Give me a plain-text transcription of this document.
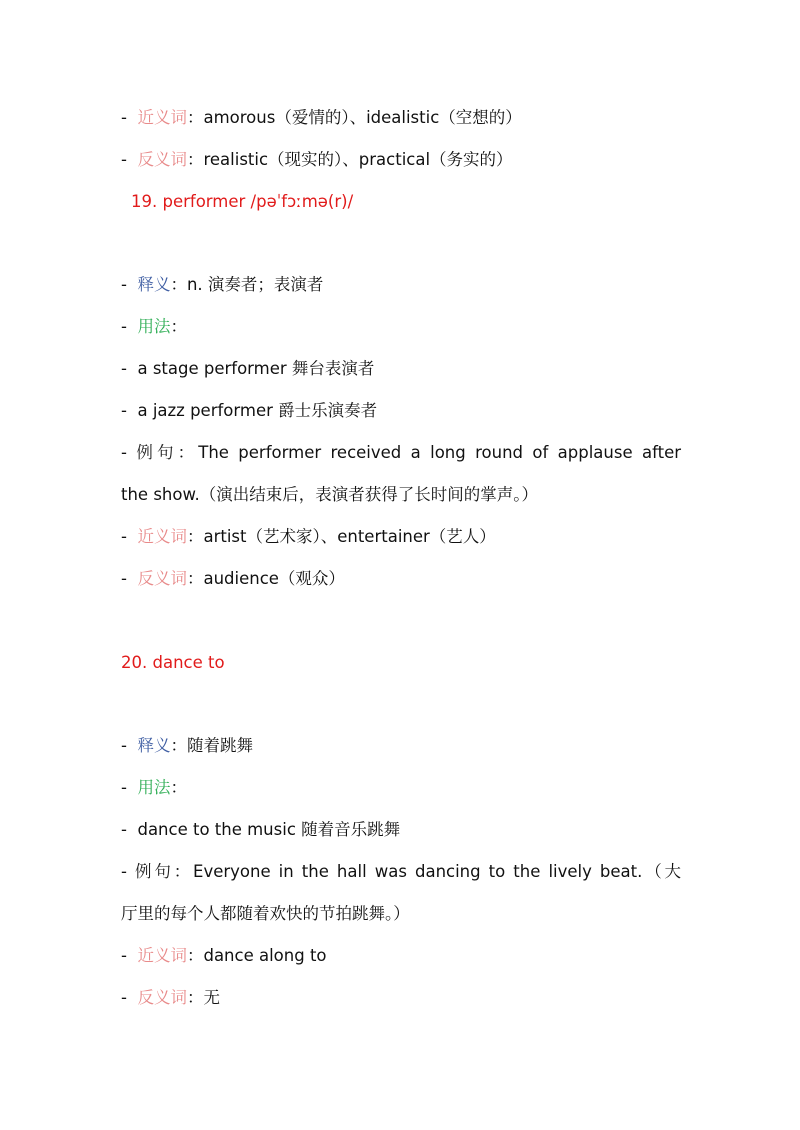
- 近义词：amorous（爱情的）、idealistic（空想的）
- 反义词：realistic（现实的）、practical（务实的）
19. performer /pəˈfɔːmə(r)/
- 释义：n. 演奏者；表演者
- 用法：
- a stage performer 舞台表演者
- a jazz performer 爵士乐演奏者
- 例句：The performer received a long round of applause after
the show.（演出结束后，表演者获得了长时间的掌声。）
- 近义词：artist（艺术家）、entertainer（艺人）
- 反义词：audience（观众）
20. dance to
- 释义：随着跳舞
- 用法：
- dance to the music 随着音乐跳舞
- 例句：Everyone in the hall was dancing to the lively beat.（大
厅里的每个人都随着欢快的节拍跳舞。）
- 近义词：dance along to
- 反义词：无
